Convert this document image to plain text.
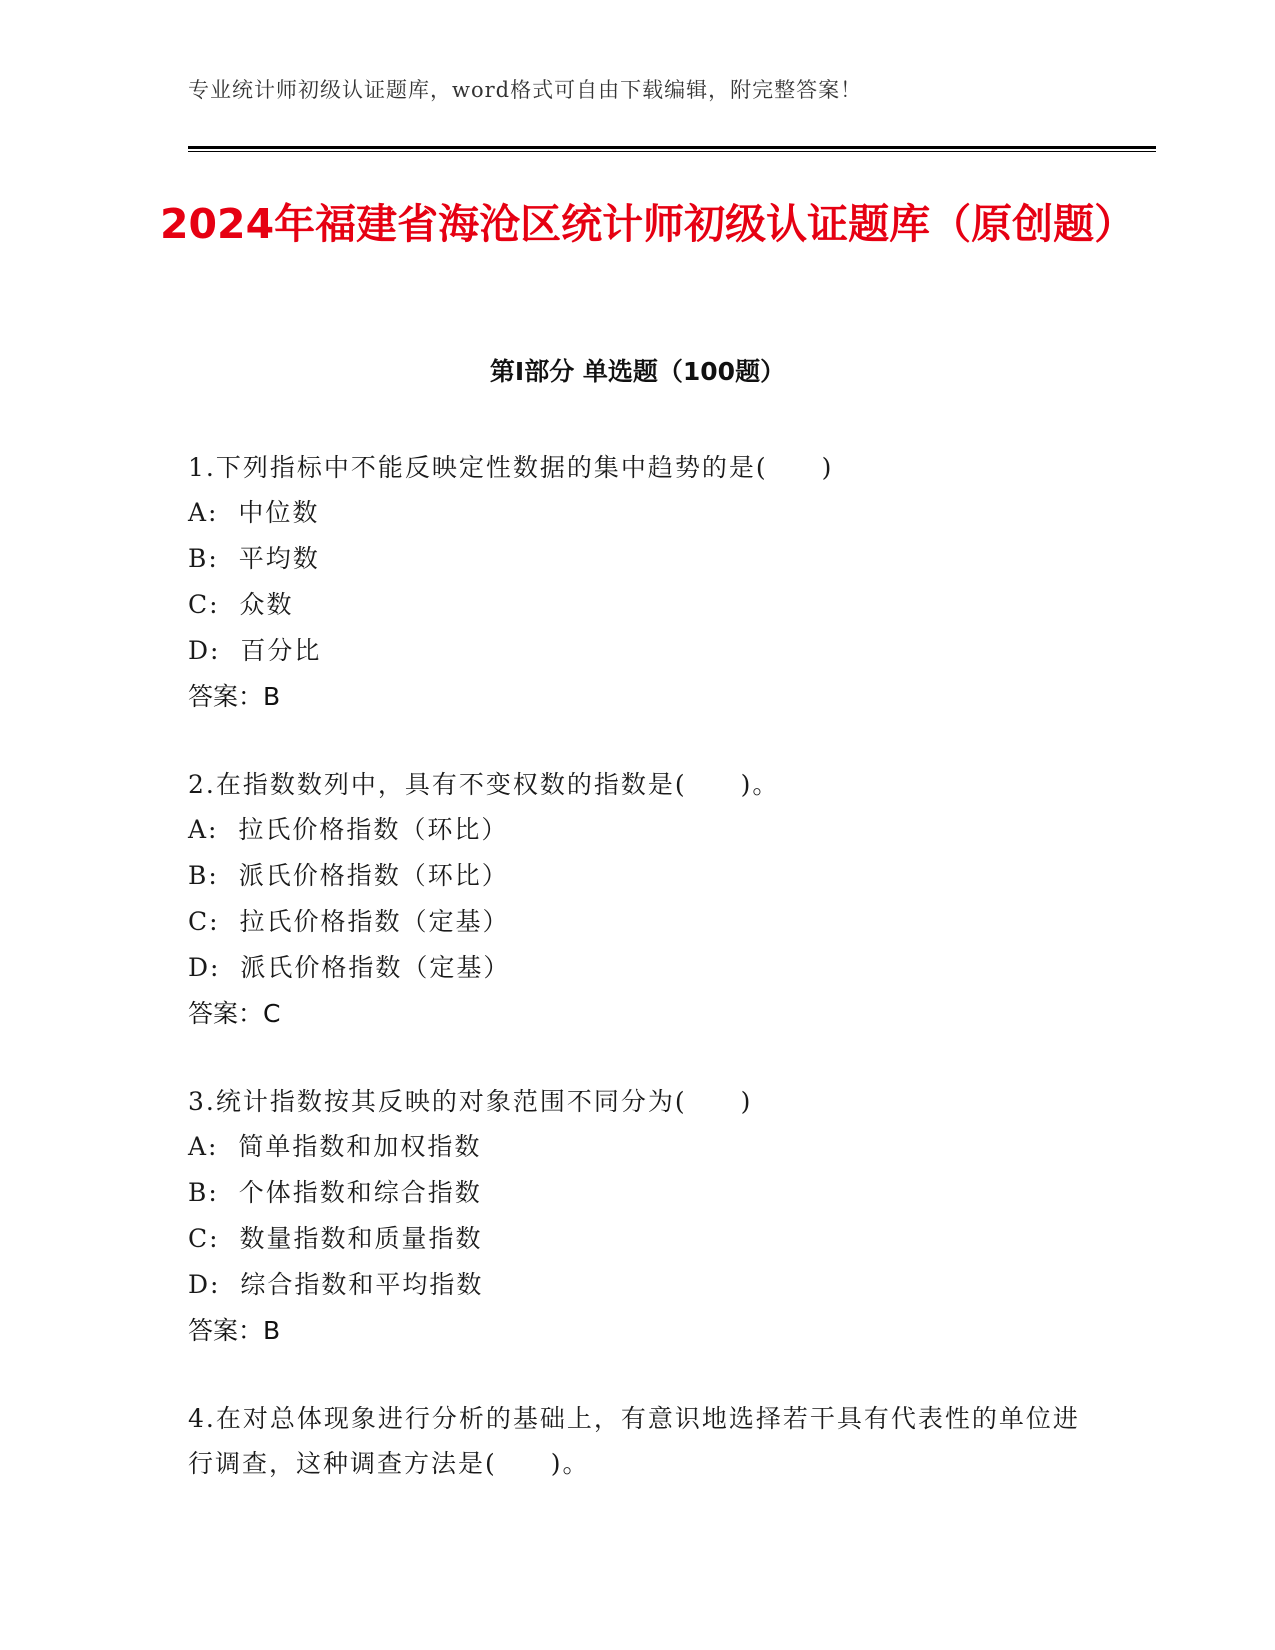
专业统计师初级认证题库，word格式可自由下载编辑，附完整答案！
2024年福建省海沧区统计师初级认证题库（原创题）
第Ⅰ部分 单选题（100题）
1.下列指标中不能反映定性数据的集中趋势的是(　　)
A:  中位数
B:  平均数
C:  众数
D:  百分比
答案：B
2.在指数数列中，具有不变权数的指数是(　　)。
A:  拉氏价格指数（环比）
B:  派氏价格指数（环比）
C:  拉氏价格指数（定基）
D:  派氏价格指数（定基）
答案：C
3.统计指数按其反映的对象范围不同分为(　　)
A:  简单指数和加权指数
B:  个体指数和综合指数
C:  数量指数和质量指数
D:  综合指数和平均指数
答案：B
4.在对总体现象进行分析的基础上，有意识地选择若干具有代表性的单位进行调查，这种调查方法是(　　)。
